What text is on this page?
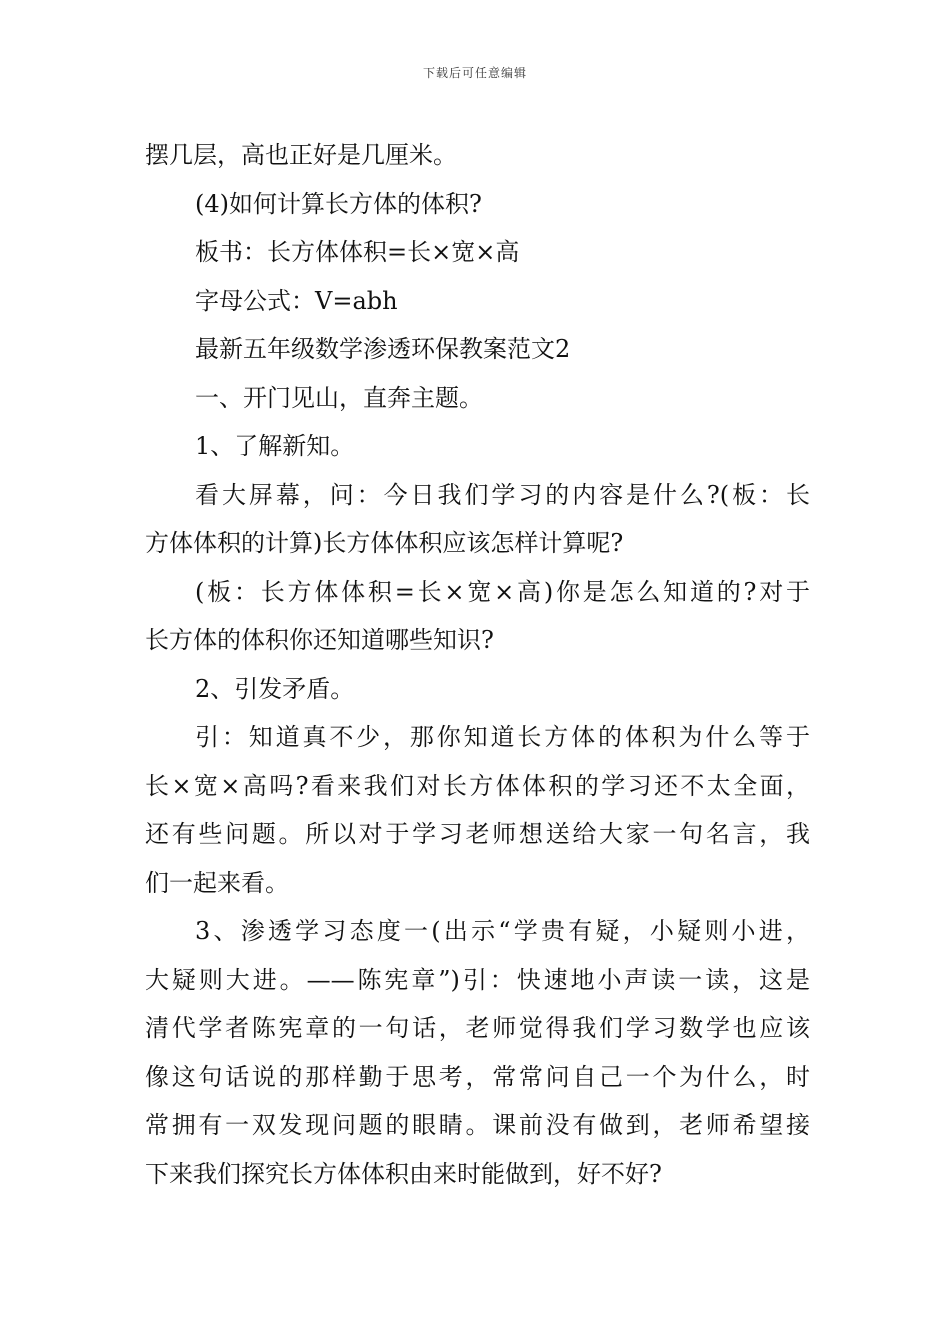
下载后可任意编辑
摆几层，高也正好是几厘米。
(4)如何计算长方体的体积?
板书：长方体体积=长×宽×高
字母公式：V=abh
最新五年级数学渗透环保教案范文2
一、开门见山，直奔主题。
1、了解新知。
看大屏幕，问：今日我们学习的内容是什么?(板：长
方体体积的计算)长方体体积应该怎样计算呢?
(板：长方体体积=长×宽×高)你是怎么知道的?对于
长方体的体积你还知道哪些知识?
2、引发矛盾。
引：知道真不少，那你知道长方体的体积为什么等于
长×宽×高吗?看来我们对长方体体积的学习还不太全面，
还有些问题。所以对于学习老师想送给大家一句名言，我
们一起来看。
3、渗透学习态度一(出示“学贵有疑，小疑则小进，
大疑则大进。——陈宪章”)引：快速地小声读一读，这是
清代学者陈宪章的一句话，老师觉得我们学习数学也应该
像这句话说的那样勤于思考，常常问自己一个为什么，时
常拥有一双发现问题的眼睛。课前没有做到，老师希望接
下来我们探究长方体体积由来时能做到，好不好?
